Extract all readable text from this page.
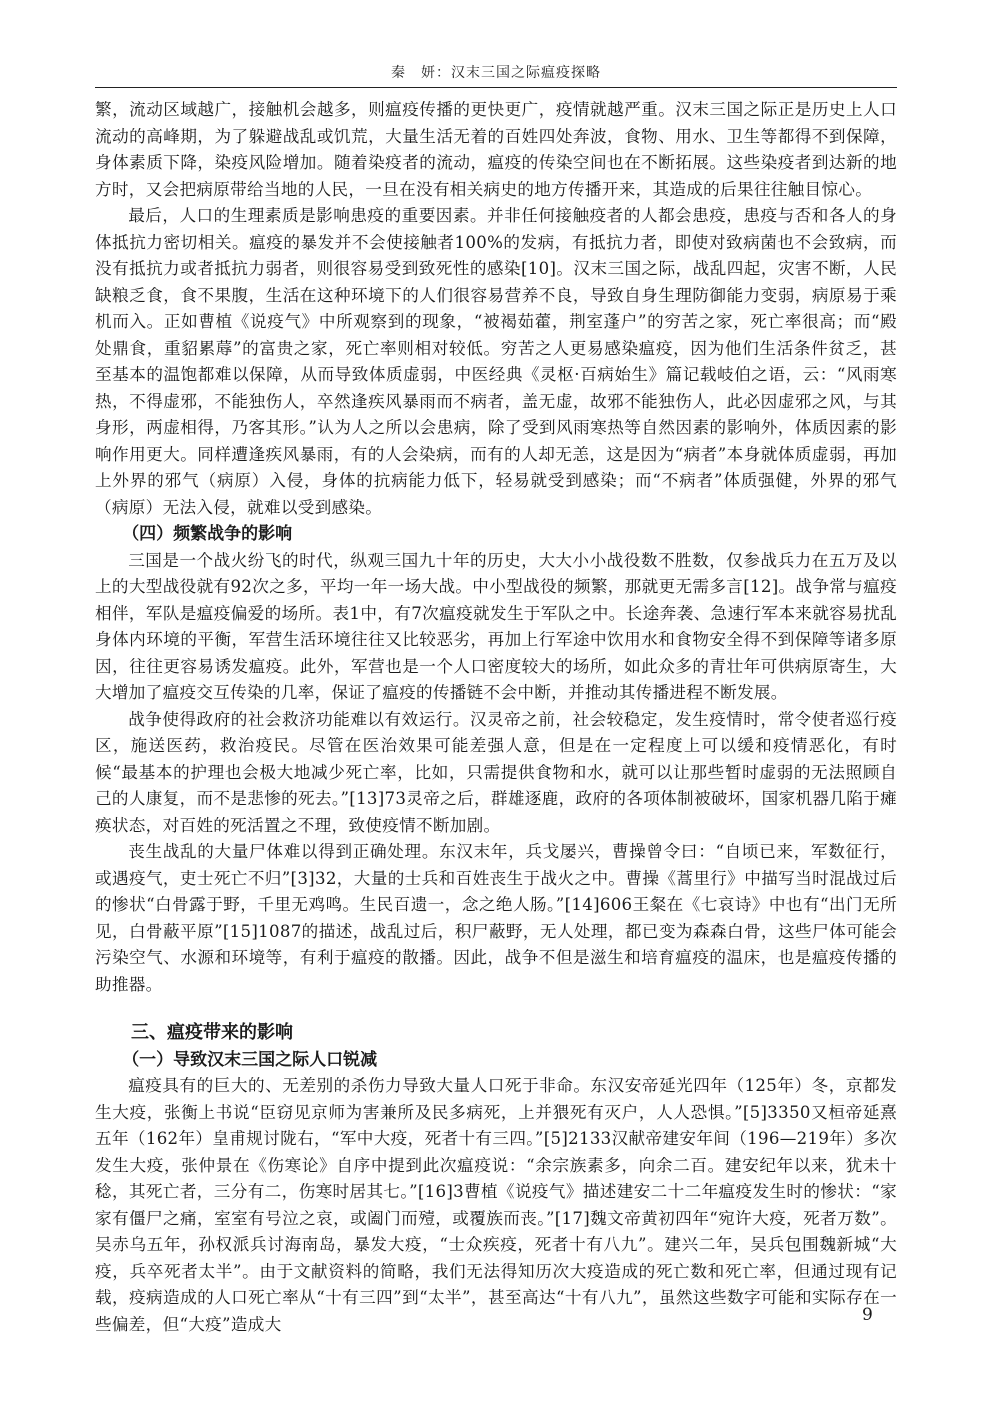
秦　妍：汉末三国之际瘟疫探略

繁，流动区域越广，接触机会越多，则瘟疫传播的更快更广，疫情就越严重。汉末三国之际正是历史上人口流动的高峰期，为了躲避战乱或饥荒，大量生活无着的百姓四处奔波，食物、用水、卫生等都得不到保障，身体素质下降，染疫风险增加。随着染疫者的流动，瘟疫的传染空间也在不断拓展。这些染疫者到达新的地方时，又会把病原带给当地的人民，一旦在没有相关病史的地方传播开来，其造成的后果往往触目惊心。

最后，人口的生理素质是影响患疫的重要因素。并非任何接触疫者的人都会患疫，患疫与否和各人的身体抵抗力密切相关。瘟疫的暴发并不会使接触者100%的发病，有抵抗力者，即使对致病菌也不会致病，而没有抵抗力或者抵抗力弱者，则很容易受到致死性的感染[10]。汉末三国之际，战乱四起，灾害不断，人民缺粮乏食，食不果腹，生活在这种环境下的人们很容易营养不良，导致自身生理防御能力变弱，病原易于乘机而入。正如曹植《说疫气》中所观察到的现象，“被褐茹藿，荆室蓬户”的穷苦之家，死亡率很高；而“殿处鼎食，重貂累蓐”的富贵之家，死亡率则相对较低。穷苦之人更易感染瘟疫，因为他们生活条件贫乏，甚至基本的温饱都难以保障，从而导致体质虚弱，中医经典《灵枢·百病始生》篇记载岐伯之语，云：“风雨寒热，不得虚邪，不能独伤人，卒然逢疾风暴雨而不病者，盖无虚，故邪不能独伤人，此必因虚邪之风，与其身形，两虚相得，乃客其形。”认为人之所以会患病，除了受到风雨寒热等自然因素的影响外，体质因素的影响作用更大。同样遭逢疾风暴雨，有的人会染病，而有的人却无恙，这是因为“病者”本身就体质虚弱，再加上外界的邪气（病原）入侵，身体的抗病能力低下，轻易就受到感染；而“不病者”体质强健，外界的邪气（病原）无法入侵，就难以受到感染。

（四）频繁战争的影响

三国是一个战火纷飞的时代，纵观三国九十年的历史，大大小小战役数不胜数，仅参战兵力在五万及以上的大型战役就有92次之多，平均一年一场大战。中小型战役的频繁，那就更无需多言[12]。战争常与瘟疫相伴，军队是瘟疫偏爱的场所。表1中，有7次瘟疫就发生于军队之中。长途奔袭、急速行军本来就容易扰乱身体内环境的平衡，军营生活环境往往又比较恶劣，再加上行军途中饮用水和食物安全得不到保障等诸多原因，往往更容易诱发瘟疫。此外，军营也是一个人口密度较大的场所，如此众多的青壮年可供病原寄生，大大增加了瘟疫交互传染的几率，保证了瘟疫的传播链不会中断，并推动其传播进程不断发展。

战争使得政府的社会救济功能难以有效运行。汉灵帝之前，社会较稳定，发生疫情时，常令使者巡行疫区，施送医药，救治疫民。尽管在医治效果可能差强人意，但是在一定程度上可以缓和疫情恶化，有时候“最基本的护理也会极大地减少死亡率，比如，只需提供食物和水，就可以让那些暂时虚弱的无法照顾自己的人康复，而不是悲惨的死去。”[13]73灵帝之后，群雄逐鹿，政府的各项体制被破坏，国家机器几陷于瘫痪状态，对百姓的死活置之不理，致使疫情不断加剧。

丧生战乱的大量尸体难以得到正确处理。东汉末年，兵戈屡兴，曹操曾令曰：“自顷已来，军数征行，或遇疫气，吏士死亡不归”[3]32，大量的士兵和百姓丧生于战火之中。曹操《蒿里行》中描写当时混战过后的惨状“白骨露于野，千里无鸡鸣。生民百遗一，念之绝人肠。”[14]606王粲在《七哀诗》中也有“出门无所见，白骨蔽平原”[15]1087的描述，战乱过后，积尸蔽野，无人处理，都已变为森森白骨，这些尸体可能会污染空气、水源和环境等，有利于瘟疫的散播。因此，战争不但是滋生和培育瘟疫的温床，也是瘟疫传播的助推器。

三、瘟疫带来的影响
（一）导致汉末三国之际人口锐减

瘟疫具有的巨大的、无差别的杀伤力导致大量人口死于非命。东汉安帝延光四年（125年）冬，京都发生大疫，张衡上书说“臣窃见京师为害兼所及民多病死，上并猥死有灭户，人人恐惧。”[5]3350又桓帝延熹五年（162年）皇甫规讨陇右，“军中大疫，死者十有三四。”[5]2133汉献帝建安年间（196—219年）多次发生大疫，张仲景在《伤寒论》自序中提到此次瘟疫说：“余宗族素多，向余二百。建安纪年以来，犹未十稔，其死亡者，三分有二，伤寒时居其七。”[16]3曹植《说疫气》描述建安二十二年瘟疫发生时的惨状：“家家有僵尸之痛，室室有号泣之哀，或阖门而殪，或覆族而丧。”[17]魏文帝黄初四年“宛许大疫，死者万数”。吴赤乌五年，孙权派兵讨海南岛，暴发大疫，“士众疾疫，死者十有八九”。建兴二年，吴兵包围魏新城“大疫，兵卒死者太半”。由于文献资料的简略，我们无法得知历次大疫造成的死亡数和死亡率，但通过现有记载，疫病造成的人口死亡率从“十有三四”到“太半”，甚至高达“十有八九”，虽然这些数字可能和实际存在一些偏差，但“大疫”造成大	9
